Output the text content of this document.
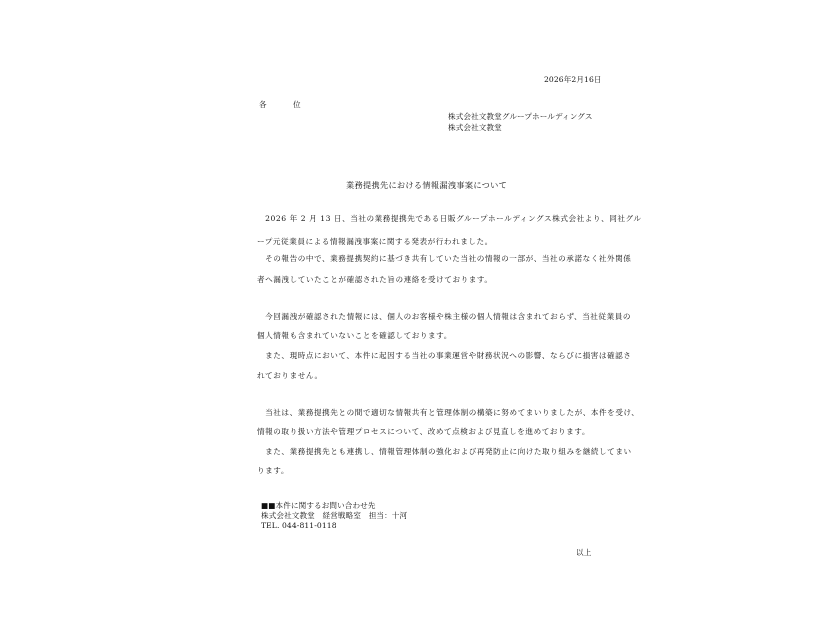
2026年2月16日
各	位
株式会社文教堂グループホールディングス
株式会社文教堂
業務提携先における情報漏洩事案について
　2026 年 2 月 13 日、当社の業務提携先である日販グループホールディングス株式会社より、同社グル
ープ元従業員による情報漏洩事案に関する発表が行われました。
　その報告の中で、業務提携契約に基づき共有していた当社の情報の一部が、当社の承諾なく社外関係
者へ漏洩していたことが確認された旨の連絡を受けております。
　今回漏洩が確認された情報には、個人のお客様や株主様の個人情報は含まれておらず、当社従業員の
個人情報も含まれていないことを確認しております。
　また、現時点において、本件に起因する当社の事業運営や財務状況への影響、ならびに損害は確認さ
れておりません。
　当社は、業務提携先との間で適切な情報共有と管理体制の構築に努めてまいりましたが、本件を受け、
情報の取り扱い方法や管理プロセスについて、改めて点検および見直しを進めております。
　また、業務提携先とも連携し、情報管理体制の強化および再発防止に向けた取り組みを継続してまい
ります。
■■本件に関するお問い合わせ先
株式会社文教堂　経営戦略室　担当：十河
TEL. 044-811-0118
以上
